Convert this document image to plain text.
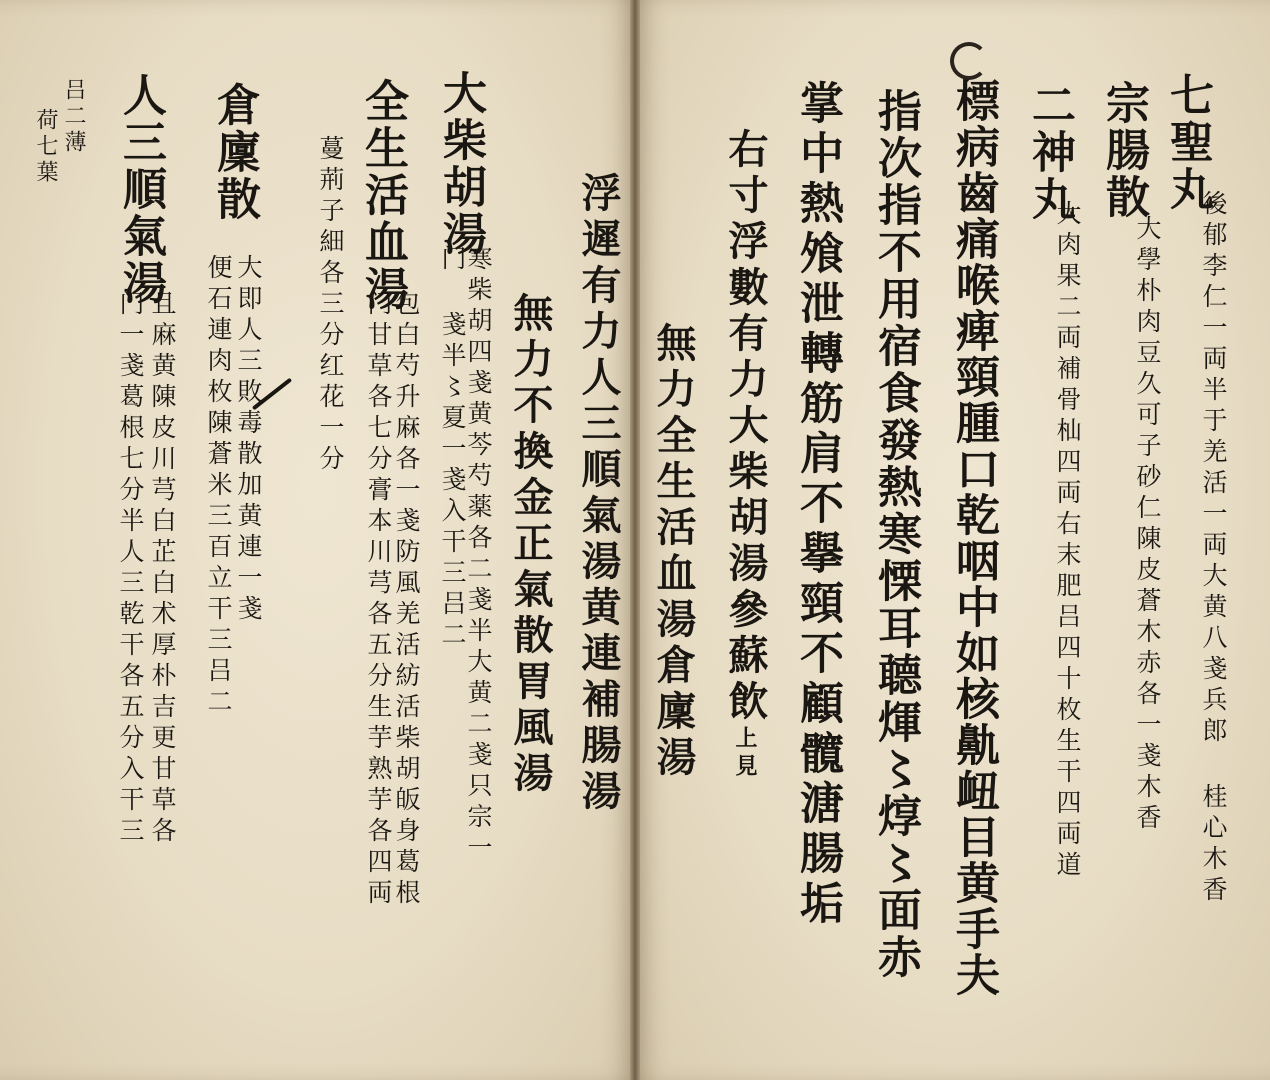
大柴胡湯
寒柴胡四戔黄芩芍薬各二戔半大黄二戔只宗一
门 戔半〻夏一戔入干三吕二
全生活血湯
包白芍升麻各一戔防風羌活紡活柴胡皈身葛根
门甘草各七分膏本川芎各五分生芋熟芋各四両
蔓荊子細各三分红花一分
倉廩散
大即人三敗毒散加黄連一戔
便石連肉枚陳蒼米三百立干三吕二
人三順氣湯
且麻黄陳皮川芎白芷白术厚朴吉更甘草各
门一戔葛根七分半人三乾干各五分入干三
吕二薄
荷七葉	七聖丸
後郁李仁一両半于羌活一両大黄八戔兵郎 桂心木香
宗腸散
大學朴肉豆久可子砂仁陳皮蒼木赤各一戔木香
二神丸
大肉果二両補骨杣四両右末肥吕四十枚生干四両道
標病齒痛喉痺頸腫口乾咽中如核鼽衄目黄手夫
指次指不用宿食發熱寒慄耳聼煇〻焞〻面赤
掌中熱飧泄轉筋肩不擧頸不顧髖溏腸垢
右寸浮數有力大柴胡湯參蘇飲上見
無力全生活血湯倉廩湯
浮遲有力人三順氣湯黄連補腸湯
無力不換金正氣散胃風湯
